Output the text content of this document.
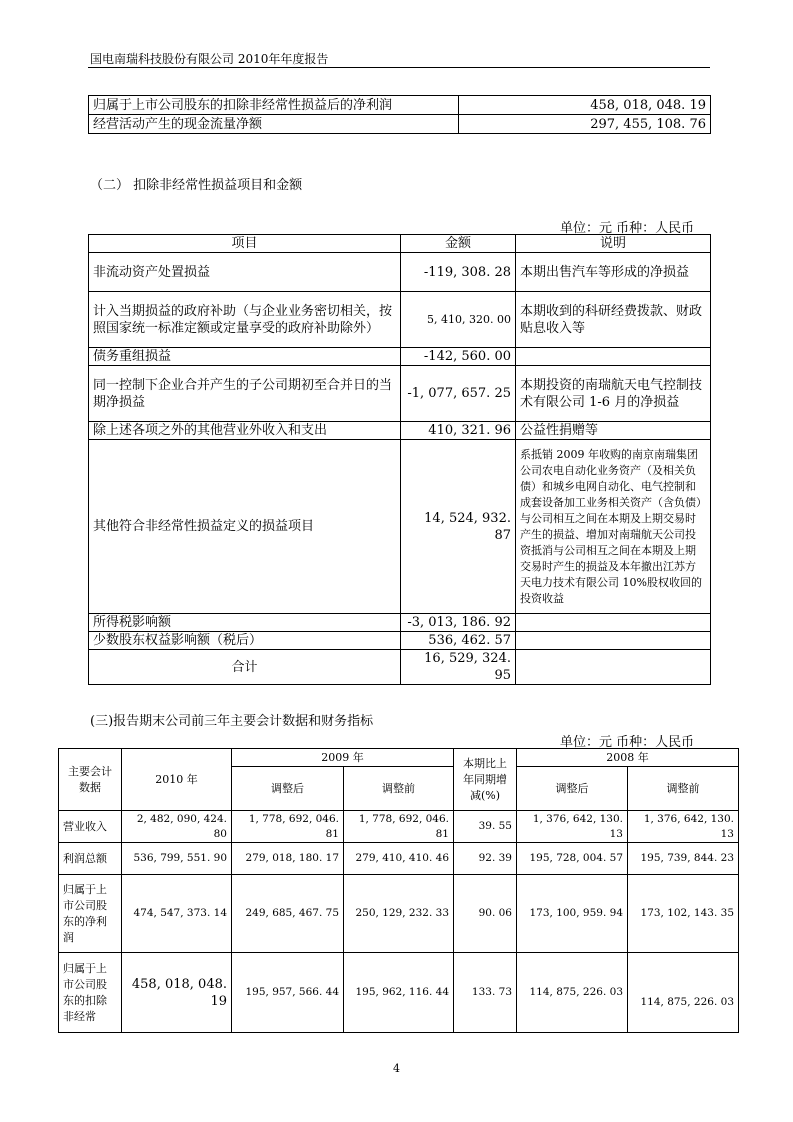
国电南瑞科技股份有限公司 2010年年度报告
归属于上市公司股东的扣除非经常性损益后的净利润	458, 018, 048. 19
经营活动产生的现金流量净额	297, 455, 108. 76
（二） 扣除非经常性损益项目和金额
单位：元 币种：人民币
项目	金额	说明
非流动资产处置损益	-119, 308. 28	本期出售汽车等形成的净损益
计入当期损益的政府补助（与企业业务密切相关，按照国家统一标准定额或定量享受的政府补助除外）	5, 410, 320. 00	本期收到的科研经费拨款、财政贴息收入等
债务重组损益	-142, 560. 00	
同一控制下企业合并产生的子公司期初至合并日的当期净损益	-1, 077, 657. 25	本期投资的南瑞航天电气控制技术有限公司 1-6 月的净损益
除上述各项之外的其他营业外收入和支出	410, 321. 96	公益性捐赠等
其他符合非经常性损益定义的损益项目	14, 524, 932. 87	系抵销 2009 年收购的南京南瑞集团公司农电自动化业务资产（及相关负债）和城乡电网自动化、电气控制和成套设备加工业务相关资产（含负债）与公司相互之间在本期及上期交易时产生的损益、增加对南瑞航天公司投资抵消与公司相互之间在本期及上期交易时产生的损益及本年撤出江苏方天电力技术有限公司 10%股权收回的投资收益
所得税影响额	-3, 013, 186. 92	
少数股东权益影响额（税后）	536, 462. 57	
合计	16, 529, 324. 95	
(三)报告期末公司前三年主要会计数据和财务指标
单位：元 币种：人民币
主要会计数据	2010 年	2009 年		本期比上年同期增减(%)	2008 年	
		调整后	调整前		调整后	调整前
营业收入	2, 482, 090, 424. 80	1, 778, 692, 046. 81	1, 778, 692, 046. 81	39. 55	1, 376, 642, 130. 13	1, 376, 642, 130. 13
利润总额	536, 799, 551. 90	279, 018, 180. 17	279, 410, 410. 46	92. 39	195, 728, 004. 57	195, 739, 844. 23
归属于上市公司股东的净利润	474, 547, 373. 14	249, 685, 467. 75	250, 129, 232. 33	90. 06	173, 100, 959. 94	173, 102, 143. 35
归属于上市公司股东的扣除非经常	458, 018, 048. 19	195, 957, 566. 44	195, 962, 116. 44	133. 73	114, 875, 226. 03	114, 875, 226. 03
4
